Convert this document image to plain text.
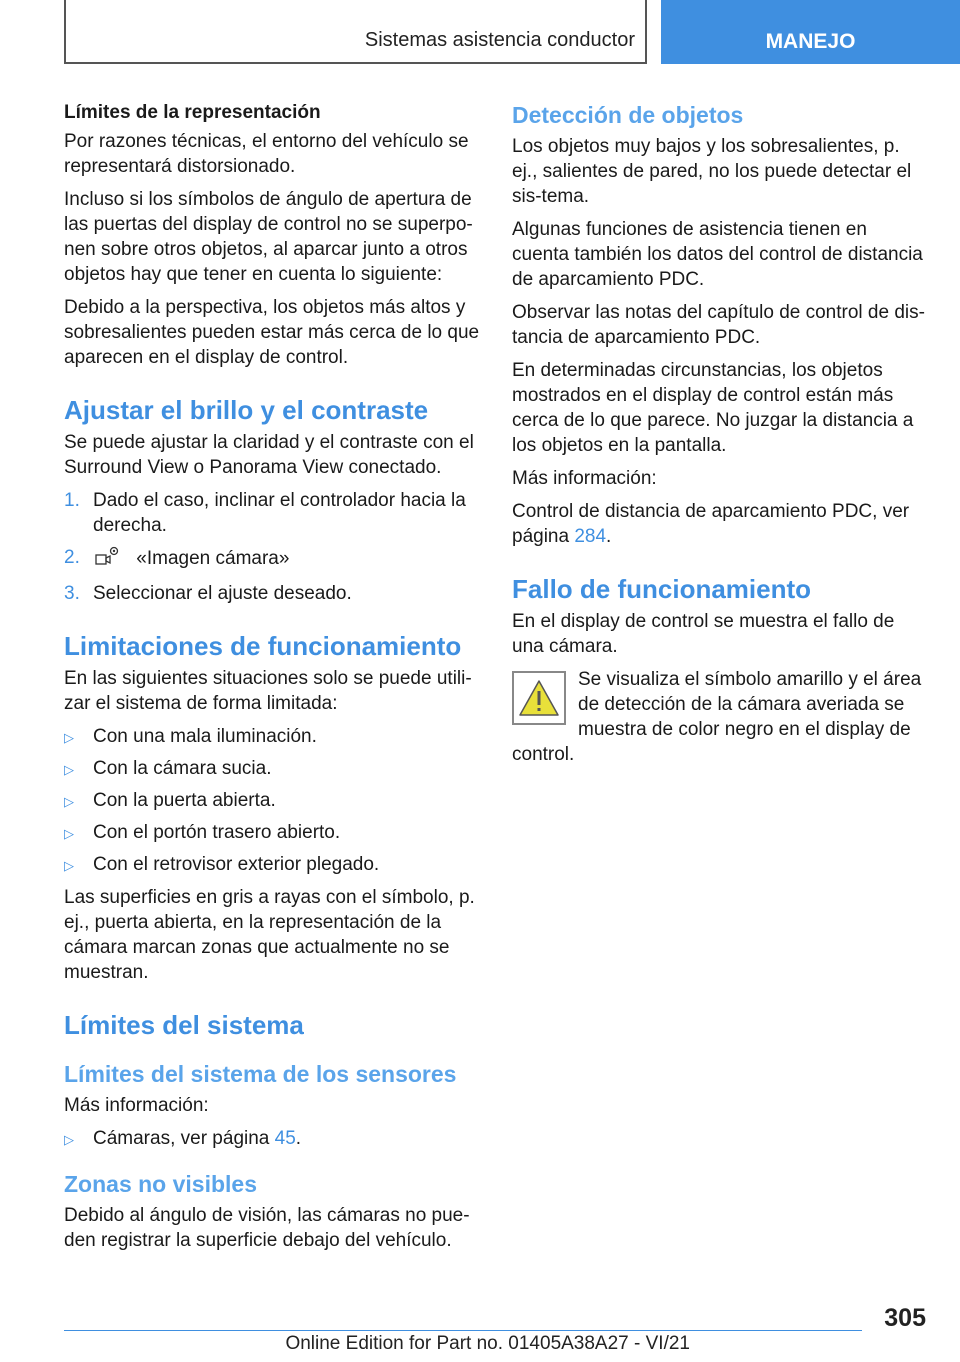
Sistemas asistencia conductor	MANEJO

Límites de la representación

Por razones técnicas, el entorno del vehículo se representará distorsionado.

Incluso si los símbolos de ángulo de apertura de las puertas del display de control no se superpo-nen sobre otros objetos, al aparcar junto a otros objetos hay que tener en cuenta lo siguiente:

Debido a la perspectiva, los objetos más altos y sobresalientes pueden estar más cerca de lo que aparecen en el display de control.

Ajustar el brillo y el contraste

Se puede ajustar la claridad y el contraste con el Surround View o Panorama View conectado.

1. Dado el caso, inclinar el controlador hacia la derecha.
2.	«Imagen cámara»
3. Seleccionar el ajuste deseado.
Limitaciones de funcionamiento

En las siguientes situaciones solo se puede utili-zar el sistema de forma limitada:

▷ Con una mala iluminación.
▷ Con la cámara sucia.
▷ Con la puerta abierta.
▷ Con el portón trasero abierto.
▷ Con el retrovisor exterior plegado.

Las superficies en gris a rayas con el símbolo, p. ej., puerta abierta, en la representación de la cámara marcan zonas que actualmente no se muestran.

Límites del sistema
Límites del sistema de los sensores

Más información:

▷ Cámaras, ver página 45.
Zonas no visibles

Debido al ángulo de visión, las cámaras no pue-den registrar la superficie debajo del vehículo.

Detección de objetos

Los objetos muy bajos y los sobresalientes, p. ej., salientes de pared, no los puede detectar el sis-tema.

Algunas funciones de asistencia tienen en cuenta también los datos del control de distancia de aparcamiento PDC.

Observar las notas del capítulo de control de dis-tancia de aparcamiento PDC.

En determinadas circunstancias, los objetos mostrados en el display de control están más cerca de lo que parece. No juzgar la distancia a los objetos en la pantalla.

Más información:

Control de distancia de aparcamiento PDC, ver página 284.

Fallo de funcionamiento

En el display de control se muestra el fallo de una cámara.

Se visualiza el símbolo amarillo y el área de detección de la cámara averiada se muestra de color negro en el display de control.

305
Online Edition for Part no. 01405A38A27 - VI/21
